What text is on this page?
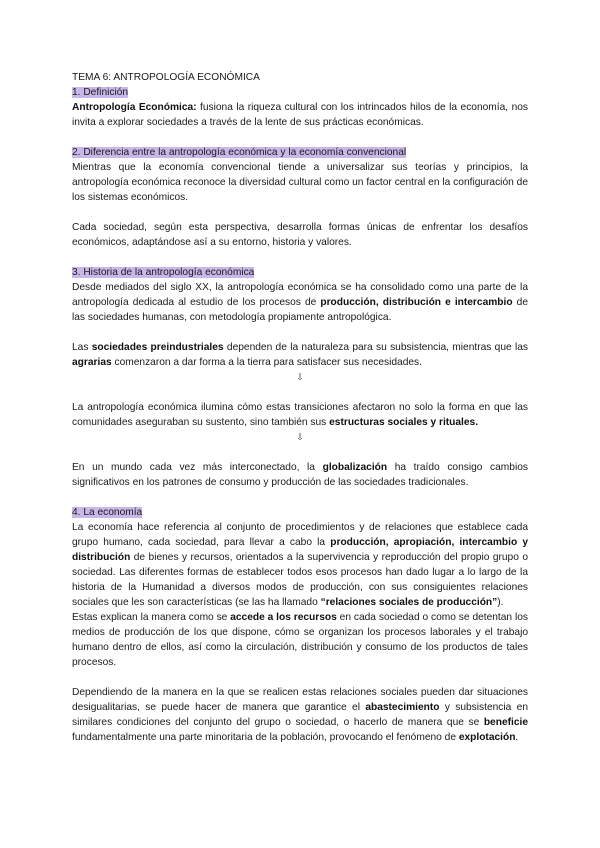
TEMA 6: ANTROPOLOGÍA ECONÓMICA
1. Definición

Antropología Económica: fusiona la riqueza cultural con los intrincados hilos de la economía, nos invita a explorar sociedades a través de la lente de sus prácticas económicas.

2. Diferencia entre la antropología económica y la economía convencional

Mientras que la economía convencional tiende a universalizar sus teorías y principios, la antropología económica reconoce la diversidad cultural como un factor central en la configuración de los sistemas económicos.

Cada sociedad, según esta perspectiva, desarrolla formas únicas de enfrentar los desafíos económicos, adaptándose así a su entorno, historia y valores.

3. Historia de la antropología económica

Desde mediados del siglo XX, la antropología económica se ha consolidado como una parte de la antropología dedicada al estudio de los procesos de producción, distribución e intercambio de las sociedades humanas, con metodología propiamente antropológica.

Las sociedades preindustriales dependen de la naturaleza para su subsistencia, mientras que las agrarias comenzaron a dar forma a la tierra para satisfacer sus necesidades.

⇩

La antropología económica ilumina cómo estas transiciones afectaron no solo la forma en que las comunidades aseguraban su sustento, sino también sus estructuras sociales y rituales.

⇩

En un mundo cada vez más interconectado, la globalización ha traído consigo cambios significativos en los patrones de consumo y producción de las sociedades tradicionales.

4. La economía

La economía hace referencia al conjunto de procedimientos y de relaciones que establece cada grupo humano, cada sociedad, para llevar a cabo la producción, apropiación, intercambio y distribución de bienes y recursos, orientados a la supervivencia y reproducción del propio grupo o sociedad. Las diferentes formas de establecer todos esos procesos han dado lugar a lo largo de la historia de la Humanidad a diversos modos de producción, con sus consiguientes relaciones sociales que les son características (se las ha llamado “relaciones sociales de producción”).

Estas explican la manera como se accede a los recursos en cada sociedad o como se detentan los medios de producción de los que dispone, cómo se organizan los procesos laborales y el trabajo humano dentro de ellos, así como la circulación, distribución y consumo de los productos de tales procesos.

Dependiendo de la manera en la que se realicen estas relaciones sociales pueden dar situaciones desigualitarias, se puede hacer de manera que garantice el abastecimiento y subsistencia en similares condiciones del conjunto del grupo o sociedad, o hacerlo de manera que se beneficie fundamentalmente una parte minoritaria de la población, provocando el fenómeno de explotación.
